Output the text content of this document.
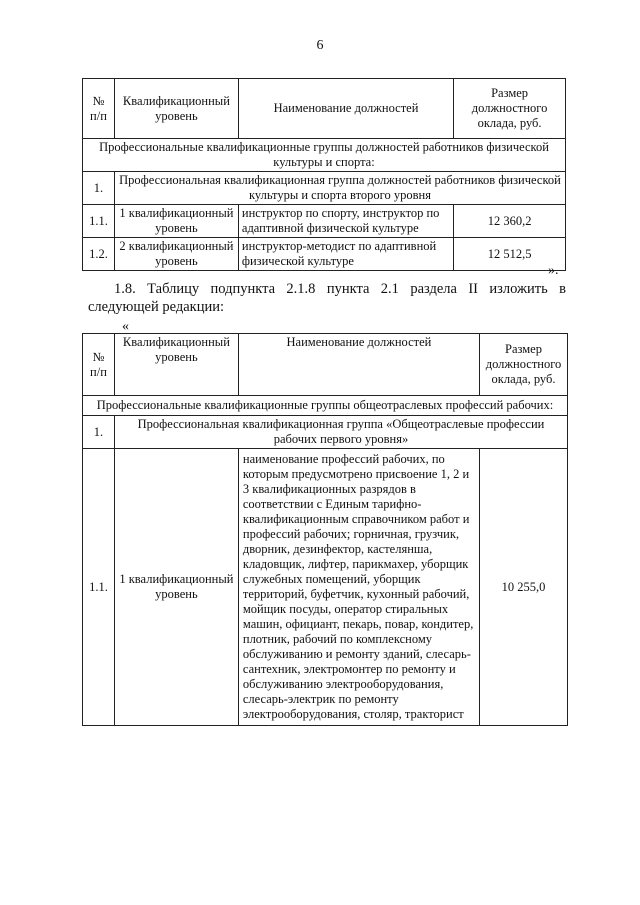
6
№ п/п	Квалификационный уровень	Наименование должностей	Размер должностного оклада, руб.
Профессиональные квалификационные группы должностей работников физической культуры и спорта:			
1.	Профессиональная квалификационная группа должностей работников физической культуры и спорта второго уровня		
1.1.	1 квалификационный уровень	инструктор по спорту, инструктор по адаптивной физической культуре	12 360,2
1.2.	2 квалификационный уровень	инструктор-методист по адаптивной физической культуре	12 512,5
».
1.8. Таблицу подпункта 2.1.8 пункта 2.1 раздела II изложить в следующей редакции:
«
№ п/п	Квалификационный уровень	Наименование должностей	Размер должностного оклада, руб.
Профессиональные квалификационные группы общеотраслевых профессий рабочих:			
1.	Профессиональная квалификационная группа «Общеотраслевые профессии рабочих первого уровня»		
1.1.	1 квалификационный уровень	наименование профессий рабочих, по которым предусмотрено присвоение 1, 2 и 3 квалификационных разрядов в соответствии с Единым тарифно-квалификационным справочником работ и профессий рабочих; горничная, грузчик, дворник, дезинфектор, кастелянша, кладовщик, лифтер, парикмахер, уборщик служебных помещений, уборщик территорий, буфетчик, кухонный рабочий, мойщик посуды, оператор стиральных машин, официант, пекарь, повар, кондитер, плотник, рабочий по комплексному обслуживанию и ремонту зданий, слесарь-сантехник, электромонтер по ремонту и обслуживанию электрооборудования, слесарь-электрик по ремонту электрооборудования, столяр, тракторист	10 255,0
